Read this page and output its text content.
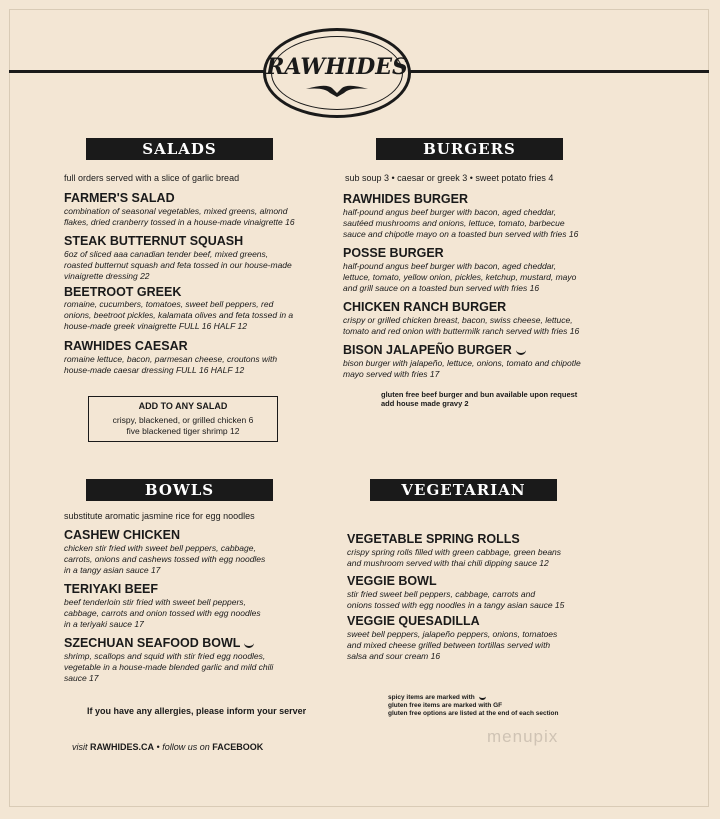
RAWHIDES
SALADS
full orders served with a slice of garlic bread
FARMER'S SALAD
combination of seasonal vegetables, mixed greens, almond
flakes, dried cranberry tossed in a house-made vinaigrette 16
STEAK BUTTERNUT SQUASH
6oz of sliced aaa canadian tender beef, mixed greens,
roasted butternut squash and feta tossed in our house-made
vinaigrette dressing 22
BEETROOT GREEK
romaine, cucumbers, tomatoes, sweet bell peppers, red
onions, beetroot pickles, kalamata olives and feta tossed in a
house-made greek vinaigrette FULL 16 HALF 12
RAWHIDES CAESAR
romaine lettuce, bacon, parmesan cheese, croutons with
house-made caesar dressing FULL 16 HALF 12
ADD TO ANY SALAD
crispy, blackened, or grilled chicken 6
five blackened tiger shrimp 12
BURGERS
sub soup 3 • caesar or greek 3 • sweet potato fries 4
RAWHIDES BURGER
half-pound angus beef burger with bacon, aged cheddar,
sautéed mushrooms and onions, lettuce, tomato, barbecue
sauce and chipotle mayo on a toasted bun served with fries 16
POSSE BURGER
half-pound angus beef burger with bacon, aged cheddar,
lettuce, tomato, yellow onion, pickles, ketchup, mustard, mayo
and grill sauce on a toasted bun served with fries 16
CHICKEN RANCH BURGER
crispy or grilled chicken breast, bacon, swiss cheese, lettuce,
tomato and red onion with buttermilk ranch served with fries 16
BISON JALAPEÑO BURGER
bison burger with jalapeño, lettuce, onions, tomato and chipotle
mayo served with fries 17
gluten free beef burger and bun available upon request
add house made gravy 2
BOWLS
substitute aromatic jasmine rice for egg noodles
CASHEW CHICKEN
chicken stir fried with sweet bell peppers, cabbage,
carrots, onions and cashews tossed with egg noodles
in a tangy asian sauce 17
TERIYAKI BEEF
beef tenderloin stir fried with sweet bell peppers,
cabbage, carrots and onion tossed with egg noodles
in a teriyaki sauce 17
SZECHUAN SEAFOOD BOWL
shrimp, scallops and squid with stir fried egg noodles,
vegetable in a house-made blended garlic and mild chili
sauce 17
VEGETARIAN
VEGETABLE SPRING ROLLS
crispy spring rolls filled with green cabbage, green beans
and mushroom served with thai chili dipping sauce 12
VEGGIE BOWL
stir fried sweet bell peppers, cabbage, carrots and
onions tossed with egg noodles in a tangy asian sauce 15
VEGGIE QUESADILLA
sweet bell peppers, jalapeño peppers, onions, tomatoes
and mixed cheese grilled between tortillas served with
salsa and sour cream 16
If you have any allergies, please inform your server
visit RAWHIDES.CA • follow us on FACEBOOK
spicy items are marked with
gluten free items are marked with GF
gluten free options are listed at the end of each section
menupix
